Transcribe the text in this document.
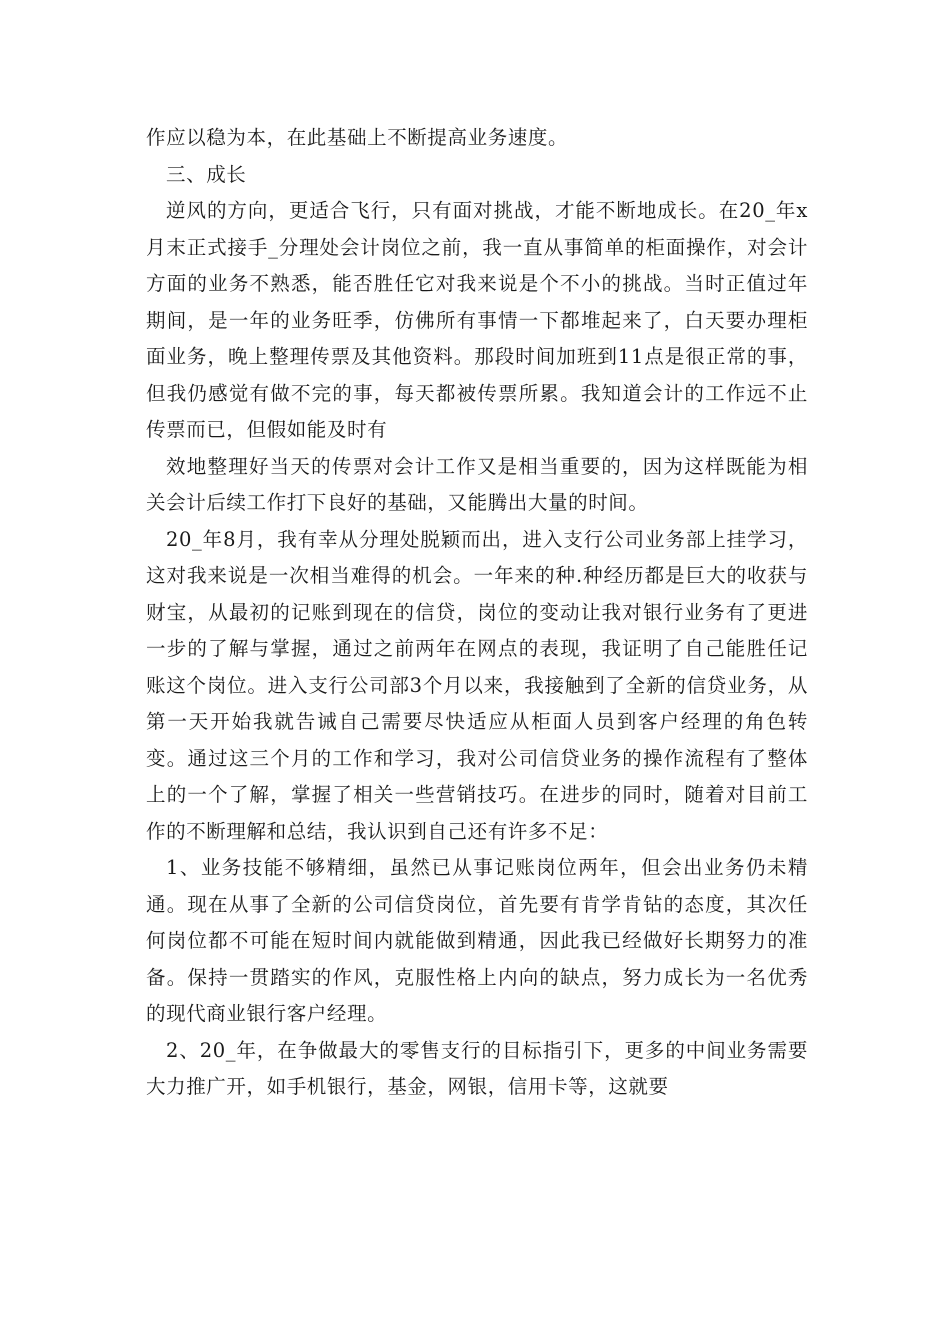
作应以稳为本，在此基础上不断提高业务速度。

三、成长

逆风的方向，更适合飞行，只有面对挑战，才能不断地成长。在20_年x月末正式接手_分理处会计岗位之前，我一直从事简单的柜面操作，对会计方面的业务不熟悉，能否胜任它对我来说是个不小的挑战。当时正值过年期间，是一年的业务旺季，仿佛所有事情一下都堆起来了，白天要办理柜面业务，晚上整理传票及其他资料。那段时间加班到11点是很正常的事，但我仍感觉有做不完的事，每天都被传票所累。我知道会计的工作远不止传票而已，但假如能及时有

效地整理好当天的传票对会计工作又是相当重要的，因为这样既能为相关会计后续工作打下良好的基础，又能腾出大量的时间。

20_年8月，我有幸从分理处脱颖而出，进入支行公司业务部上挂学习，这对我来说是一次相当难得的机会。一年来的种.种经历都是巨大的收获与财宝，从最初的记账到现在的信贷，岗位的变动让我对银行业务有了更进一步的了解与掌握，通过之前两年在网点的表现，我证明了自己能胜任记账这个岗位。进入支行公司部3个月以来，我接触到了全新的信贷业务，从第一天开始我就告诫自己需要尽快适应从柜面人员到客户经理的角色转变。通过这三个月的工作和学习，我对公司信贷业务的操作流程有了整体上的一个了解，掌握了相关一些营销技巧。在进步的同时，随着对目前工作的不断理解和总结，我认识到自己还有许多不足：

1、业务技能不够精细，虽然已从事记账岗位两年，但会出业务仍未精通。现在从事了全新的公司信贷岗位，首先要有肯学肯钻的态度，其次任何岗位都不可能在短时间内就能做到精通，因此我已经做好长期努力的准备。保持一贯踏实的作风，克服性格上内向的缺点，努力成长为一名优秀的现代商业银行客户经理。

2、20_年，在争做最大的零售支行的目标指引下，更多的中间业务需要大力推广开，如手机银行，基金，网银，信用卡等，这就要
